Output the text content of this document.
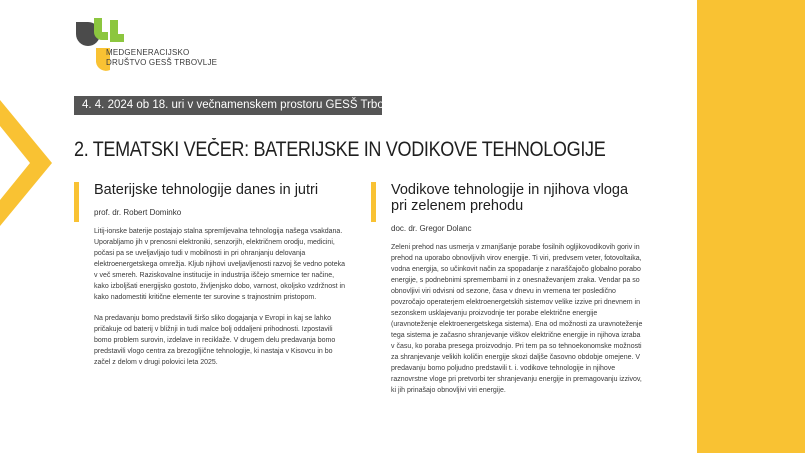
MEDGENERACIJSKO
DRUŠTVO GESŠ TRBOVLJE
4. 4. 2024 ob 18. uri v večnamenskem prostoru GESŠ Trbovlje
2. TEMATSKI VEČER: BATERIJSKE IN VODIKOVE TEHNOLOGIJE
Baterijske tehnologije danes in jutri
prof. dr. Robert Dominko

Litij-ionske baterije postajajo stalna spremljevalna tehnologija našega vsakdana. Uporabljamo jih v prenosni elektroniki, senzorjih, električnem orodju, medicini, počasi pa se uveljavljajo tudi v mobilnosti in pri ohranjanju delovanja elektroenergetskega omrežja. Kljub njihovi uveljavljenosti razvoj še vedno poteka v več smereh. Raziskovalne institucije in industrija iščejo smernice ter načine, kako izboljšati energijsko gostoto, življenjsko dobo, varnost, okoljsko vzdržnost in kako nadomestiti kritične elemente ter surovine s trajnostnim pristopom.

Na predavanju bomo predstavili širšo sliko dogajanja v Evropi in kaj se lahko pričakuje od baterij v bližnji in tudi malce bolj oddaljeni prihodnosti. Izpostavili bomo problem surovin, izdelave in reciklaže. V drugem delu predavanja bomo predstavili vlogo centra za brezogljične tehnologije, ki nastaja v Kisovcu in bo začel z delom v drugi polovici leta 2025.

Vodikove tehnologije in njihova vloga pri zelenem prehodu
doc. dr. Gregor Dolanc

Zeleni prehod nas usmerja v zmanjšanje porabe fosilnih ogljikovodikovih goriv in prehod na uporabo obnovljivih virov energije. Ti viri, predvsem veter, fotovoltaika, vodna energija, so učinkovit način za spopadanje z naraščajočo globalno porabo energije, s podnebnimi spremembami in z onesnaževanjem zraka. Vendar pa so obnovljivi viri odvisni od sezone, časa v dnevu in vremena ter posledično povzročajo operaterjem elektroenergetskih sistemov velike izzive pri dnevnem in sezonskem usklajevanju proizvodnje ter porabe električne energije (uravnoteženje elektroenergetskega sistema). Ena od možnosti za uravnoteženje tega sistema je začasno shranjevanje viškov električne energije in njihova izraba v času, ko poraba presega proizvodnjo. Pri tem pa so tehnoekonomske možnosti za shranjevanje velikih količin energije skozi daljše časovno obdobje omejene. V predavanju bomo poljudno predstavili t. i. vodikove tehnologije in njihove raznovrstne vloge pri pretvorbi ter shranjevanju energije in premagovanju izzivov, ki jih prinašajo obnovljivi viri energije.
